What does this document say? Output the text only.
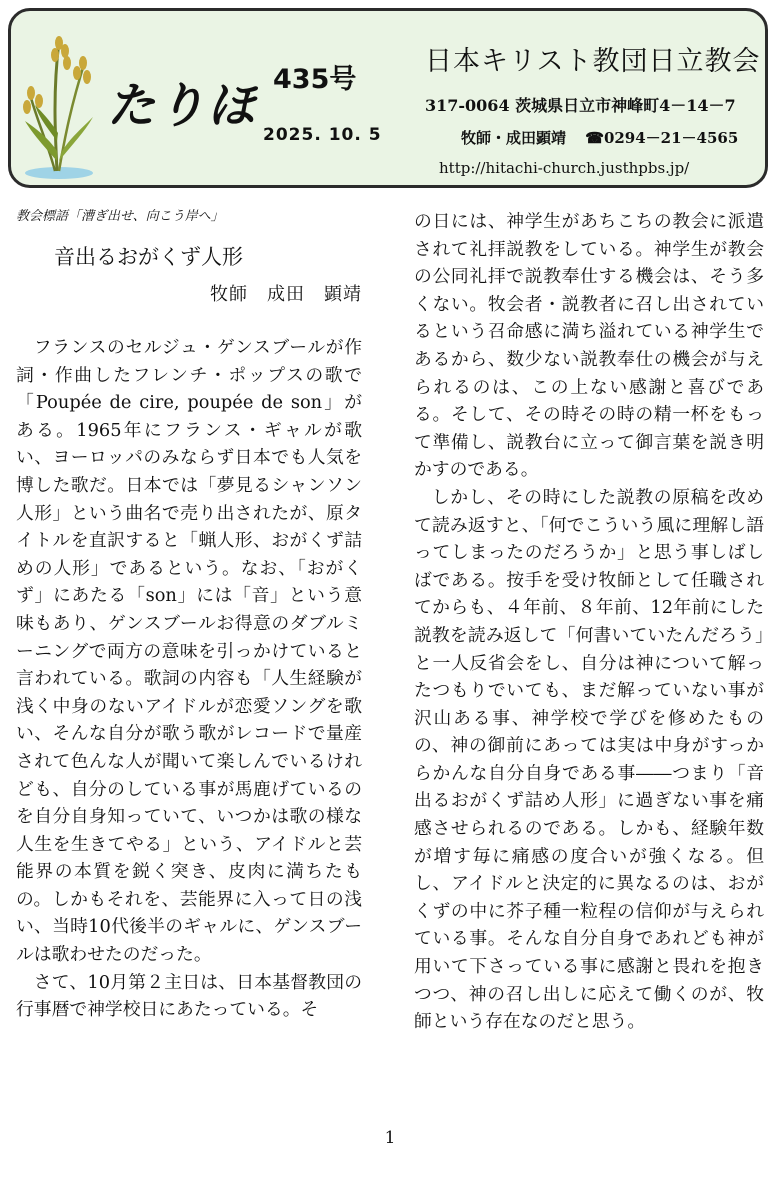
たりほ 435号
2025. 10. 5
日本キリスト教団日立教会
317-0064 茨城県日立市神峰町4－14－7
牧師・成田顕靖 ☎0294－21－4565
http://hitachi-church.justhpbs.jp/
教会標語「漕ぎ出せ、向こう岸へ」
音出るおがくず人形
牧師　成田　顕靖

フランスのセルジュ・ゲンスブールが作詞・作曲したフレンチ・ポップスの歌で「Poupée de cire, poupée de son」がある。1965年にフランス・ギャルが歌い、ヨーロッパのみならず日本でも人気を博した歌だ。日本では「夢見るシャンソン人形」という曲名で売り出されたが、原タイトルを直訳すると「蝋人形、おがくず詰めの人形」であるという。なお、「おがくず」にあたる「son」には「音」という意味もあり、ゲンスブールお得意のダブルミーニングで両方の意味を引っかけていると言われている。歌詞の内容も「人生経験が浅く中身のないアイドルが恋愛ソングを歌い、そんな自分が歌う歌がレコードで量産されて色んな人が聞いて楽しんでいるけれども、自分のしている事が馬鹿げているのを自分自身知っていて、いつかは歌の様な人生を生きてやる」という、アイドルと芸能界の本質を鋭く突き、皮肉に満ちたもの。しかもそれを、芸能界に入って日の浅い、当時10代後半のギャルに、ゲンスブールは歌わせたのだった。

さて、10月第２主日は、日本基督教団の行事暦で神学校日にあたっている。そ

の日には、神学生があちこちの教会に派遣されて礼拝説教をしている。神学生が教会の公同礼拝で説教奉仕する機会は、そう多くない。牧会者・説教者に召し出されているという召命感に満ち溢れている神学生であるから、数少ない説教奉仕の機会が与えられるのは、この上ない感謝と喜びである。そして、その時その時の精一杯をもって準備し、説教台に立って御言葉を説き明かすのである。

しかし、その時にした説教の原稿を改めて読み返すと、「何でこういう風に理解し語ってしまったのだろうか」と思う事しばしばである。按手を受け牧師として任職されてからも、４年前、８年前、12年前にした説教を読み返して「何書いていたんだろう」と一人反省会をし、自分は神について解ったつもりでいても、まだ解っていない事が沢山ある事、神学校で学びを修めたものの、神の御前にあっては実は中身がすっからかんな自分自身である事――つまり「音出るおがくず詰め人形」に過ぎない事を痛感させられるのである。しかも、経験年数が増す毎に痛感の度合いが強くなる。但し、アイドルと決定的に異なるのは、おがくずの中に芥子種一粒程の信仰が与えられている事。そんな自分自身であれども神が用いて下さっている事に感謝と畏れを抱きつつ、神の召し出しに応えて働くのが、牧師という存在なのだと思う。

1
